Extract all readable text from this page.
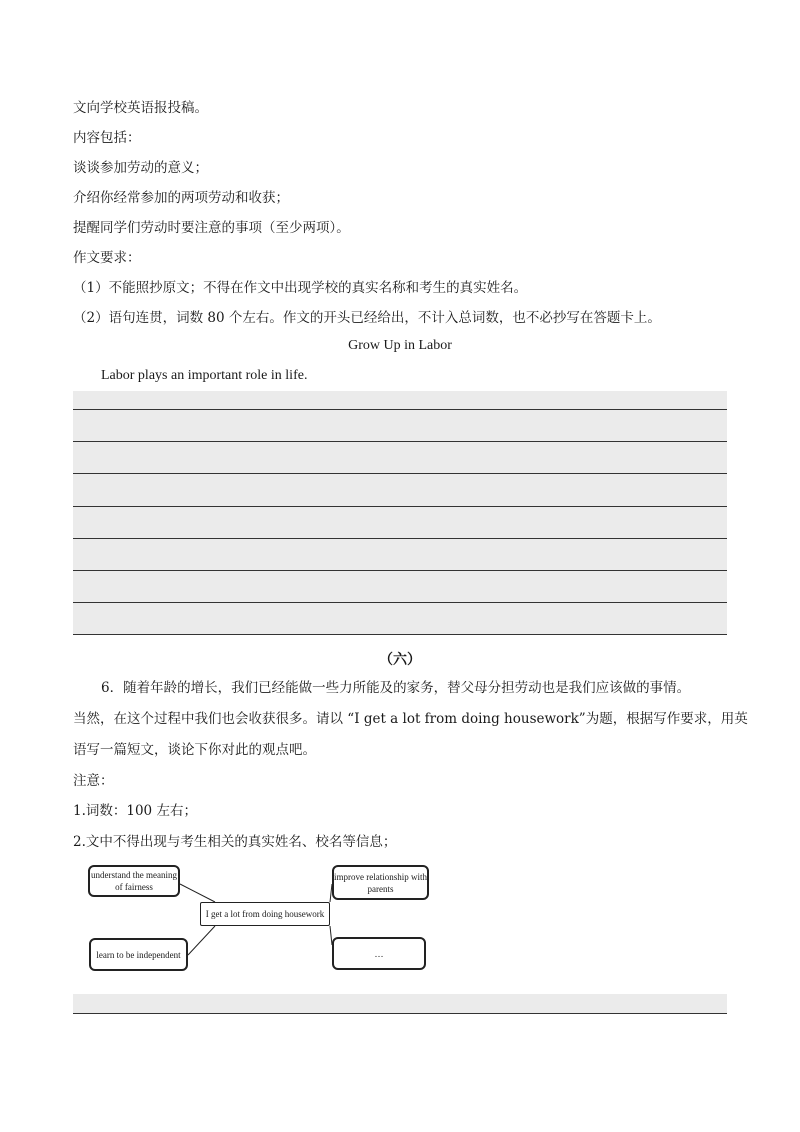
文向学校英语报投稿。
内容包括：
谈谈参加劳动的意义；
介绍你经常参加的两项劳动和收获；
提醒同学们劳动时要注意的事项（至少两项）。
作文要求：
（1）不能照抄原文；不得在作文中出现学校的真实名称和考生的真实姓名。
（2）语句连贯，词数 80 个左右。作文的开头已经给出，不计入总词数，也不必抄写在答题卡上。
Grow Up in Labor
Labor plays an important role in life.
（六）
6．随着年龄的增长，我们已经能做一些力所能及的家务，替父母分担劳动也是我们应该做的事情。
当然，在这个过程中我们也会收获很多。请以 “I get a lot from doing housework”为题，根据写作要求，用英
语写一篇短文，谈论下你对此的观点吧。
注意：
1.词数：100 左右；
2.文中不得出现与考生相关的真实姓名、校名等信息；
understand the meaning of fairness
learn to be independent
I get a lot from doing housework
improve relationship with parents
…
